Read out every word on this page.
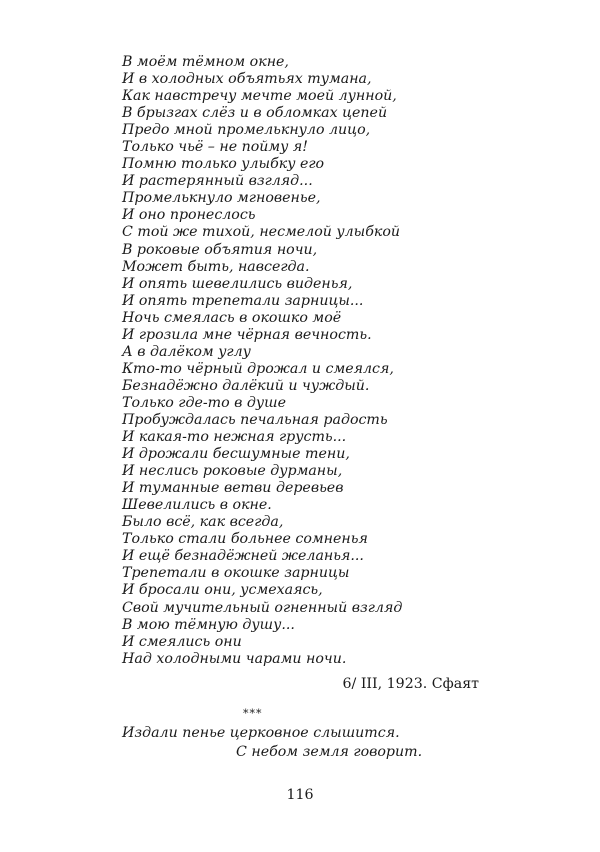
В моём тёмном окне,
И в холодных объятьях тумана,
Как навстречу мечте моей лунной,
В брызгах слёз и в обломках цепей
Предо мной промелькнуло лицо,
Только чьё – не пойму я!
Помню только улыбку его
И растерянный взгляд...
Промелькнуло мгновенье,
И оно пронеслось
С той же тихой, несмелой улыбкой
В роковые объятия ночи,
Может быть, навсегда.
И опять шевелились виденья,
И опять трепетали зарницы...
Ночь смеялась в окошко моё
И грозила мне чёрная вечность.
А в далёком углу
Кто-то чёрный дрожал и смеялся,
Безнадёжно далёкий и чуждый.
Только где-то в душе
Пробуждалась печальная радость
И какая-то нежная грусть...
И дрожали бесшумные тени,
И неслись роковые дурманы,
И туманные ветви деревьев
Шевелились в окне.
Было всё, как всегда,
Только стали больнее сомненья
И ещё безнадёжней желанья...
Трепетали в окошке зарницы
И бросали они, усмехаясь,
Свой мучительный огненный взгляд
В мою тёмную душу...
И смеялись они
Над холодными чарами ночи.
6/ III, 1923. Сфаят
***
Издали пенье церковное слышится.
С небом земля говорит.
116
